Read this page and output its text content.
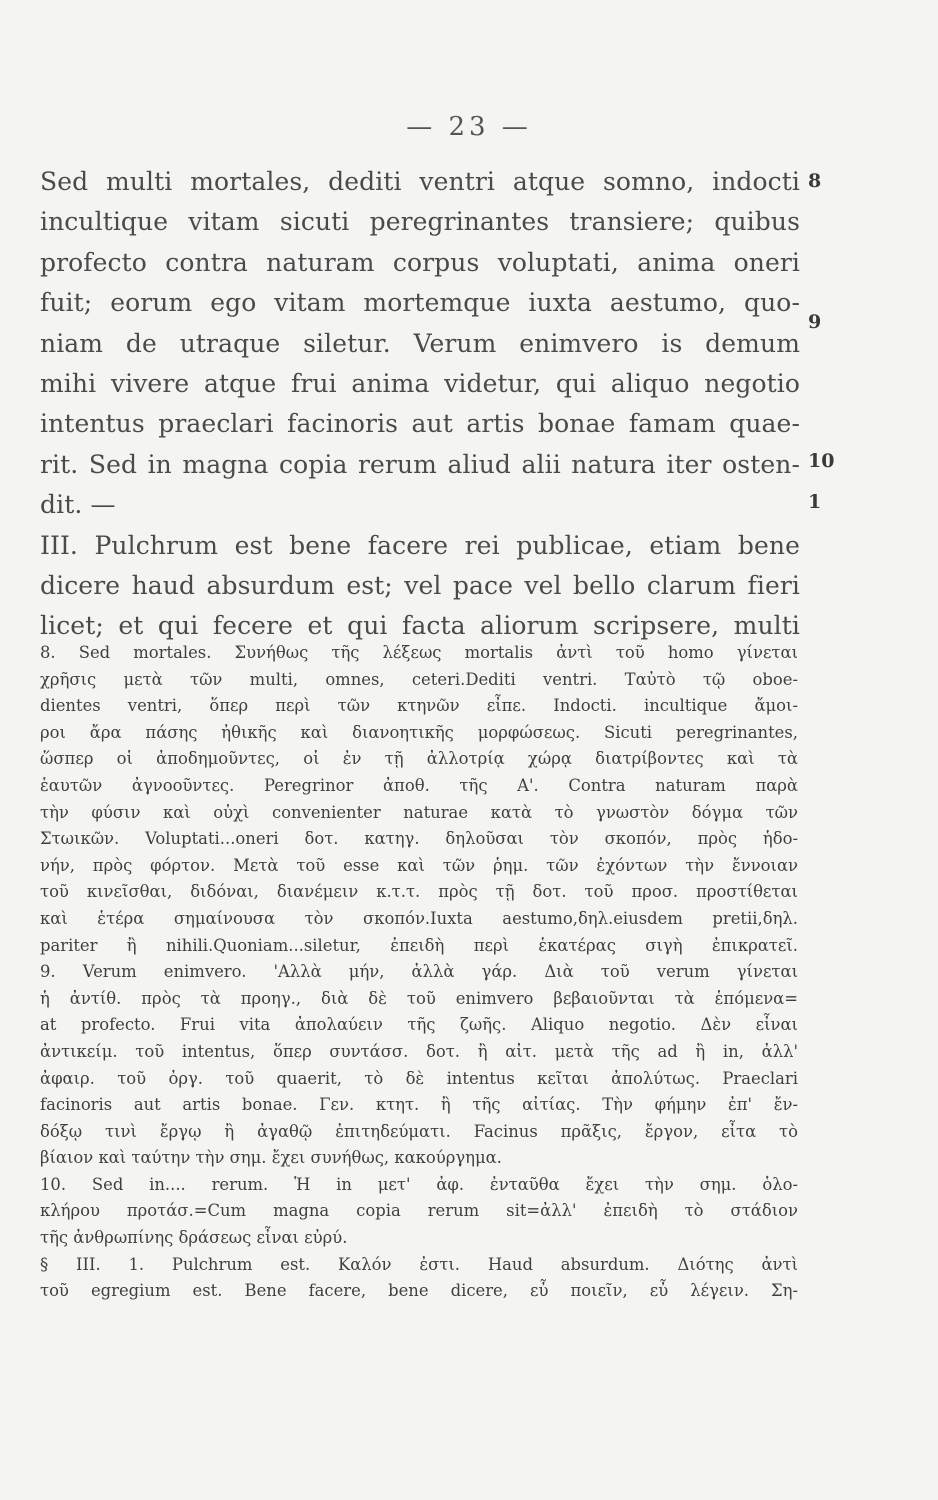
— 23 —
Sed multi mortales, dediti ventri atque somno, indocti
incultique vitam sicuti peregrinantes transiere; quibus
profecto contra naturam corpus voluptati, anima oneri
fuit; eorum ego vitam mortemque iuxta aestumo, quo-
niam de utraque siletur. Verum enimvero is demum
mihi vivere atque frui anima videtur, qui aliquo negotio
intentus praeclari facinoris aut artis bonae famam quae-
rit. Sed in magna copia rerum aliud alii natura iter osten-
dit. —
III. Pulchrum est bene facere rei publicae, etiam bene
dicere haud absurdum est; vel pace vel bello clarum fieri
licet; et qui fecere et qui facta aliorum scripsere, multi
8
9
10
1
8. Sed mortales. Συνήθως τῆς λέξεως mortalis ἀντὶ τοῦ homo γίνεται
χρῆσις μετὰ τῶν multi, omnes, ceteri.Dediti ventri. Ταὐτὸ τῷ oboe-
dientes ventri, ὅπερ περὶ τῶν κτηνῶν εἶπε. Indocti. incultique ἄμοι-
ροι ἄρα πάσης ἠθικῆς καὶ διανοητικῆς μορφώσεως. Sicuti peregrinantes,
ὥσπερ οἱ ἀποδημοῦντες, οἱ ἐν τῇ ἀλλοτρίᾳ χώρᾳ διατρίβοντες καὶ τὰ
ἑαυτῶν ἀγνοοῦντες. Peregrinor ἀποθ. τῆς Α'. Contra naturam παρὰ
τὴν φύσιν καὶ οὐχὶ convenienter naturae κατὰ τὸ γνωστὸν δόγμα τῶν
Στωικῶν. Voluptati...oneri δοτ. κατηγ. δηλοῦσαι τὸν σκοπόν, πρὸς ἡδο-
νήν, πρὸς φόρτον. Μετὰ τοῦ esse καὶ τῶν ῥημ. τῶν ἐχόντων τὴν ἔννοιαν
τοῦ κινεῖσθαι, διδόναι, διανέμειν κ.τ.τ. πρὸς τῇ δοτ. τοῦ προσ. προστίθεται
καὶ ἑτέρα σημαίνουσα τὸν σκοπόν.Iuxta aestumo,δηλ.eiusdem pretii,δηλ.
pariter ἢ nihili.Quoniam...siletur, ἐπειδὴ περὶ ἑκατέρας σιγὴ ἐπικρατεῖ.
9. Verum enimvero. 'Αλλὰ μήν, ἀλλὰ γάρ. Διὰ τοῦ verum γίνεται
ἡ ἀντίθ. πρὸς τὰ προηγ., διὰ δὲ τοῦ enimvero βεβαιοῦνται τὰ ἑπόμενα=
at profecto. Frui vita ἀπολαύειν τῆς ζωῆς. Aliquo negotio. Δὲν εἶναι
ἀντικείμ. τοῦ intentus, ὅπερ συντάσσ. δοτ. ἢ αἰτ. μετὰ τῆς ad ἢ in, ἀλλ'
ἀφαιρ. τοῦ ὀργ. τοῦ quaerit, τὸ δὲ intentus κεῖται ἀπολύτως. Praeclari
facinoris aut artis bonae. Γεν. κτητ. ἢ τῆς αἰτίας. Τὴν φήμην ἐπ' ἔν-
δόξῳ τινὶ ἔργῳ ἢ ἀγαθῷ ἐπιτηδεύματι. Facinus πρᾶξις, ἔργον, εἶτα τὸ
βίαιον καὶ ταύτην τὴν σημ. ἔχει συνήθως, κακούργημα.
10. Sed in.... rerum. Ἡ in μετ' ἀφ. ἐνταῦθα ἔχει τὴν σημ. ὁλο-
κλήρου προτάσ.=Cum magna copia rerum sit=ἀλλ' ἐπειδὴ τὸ στάδιον
τῆς ἀνθρωπίνης δράσεως εἶναι εὐρύ.
§ III. 1. Pulchrum est. Καλόν ἐστι. Haud absurdum. Διότης ἀντὶ
τοῦ egregium est. Bene facere, bene dicere, εὖ ποιεῖν, εὖ λέγειν. Ση-
